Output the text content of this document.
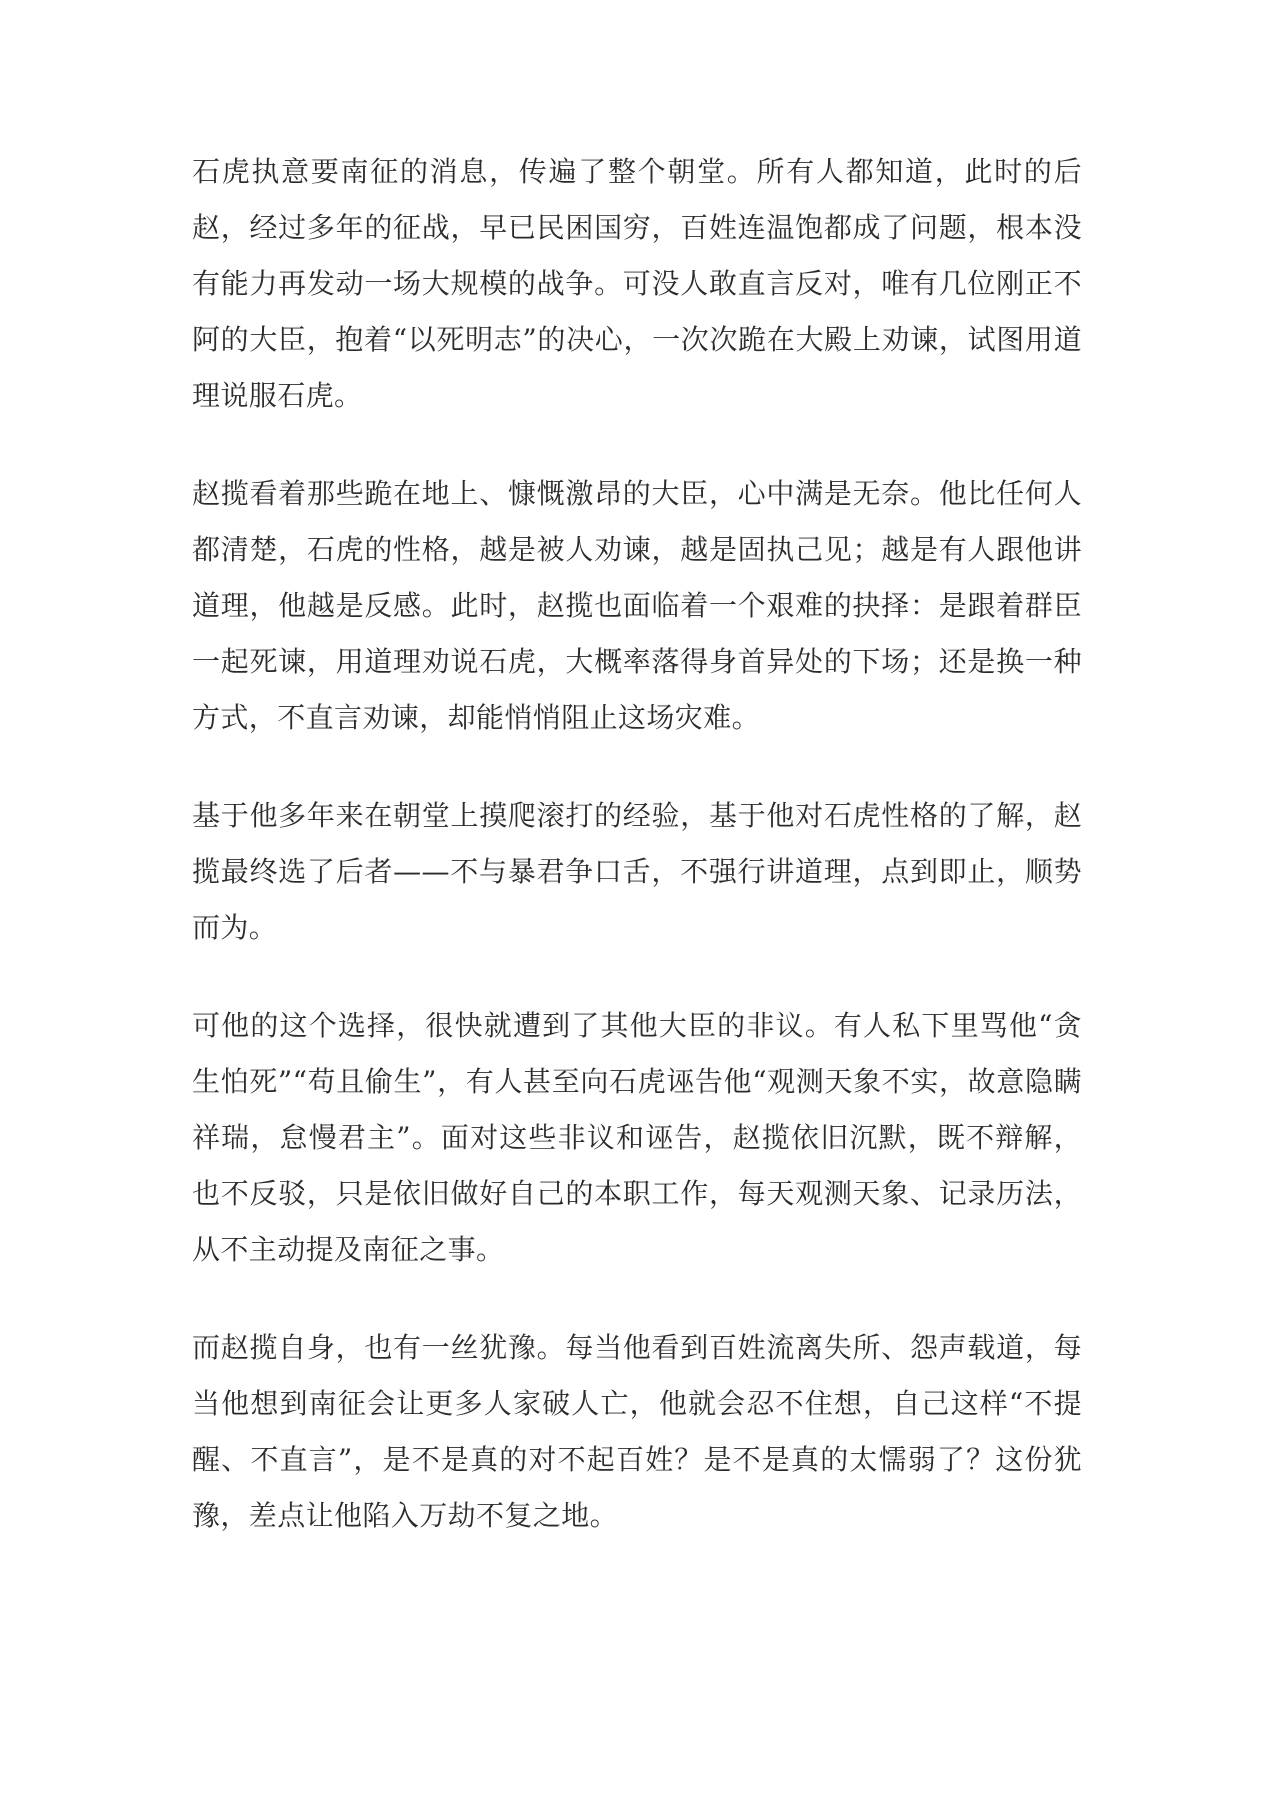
石虎执意要南征的消息，传遍了整个朝堂。所有人都知道，此时的后赵，经过多年的征战，早已民困国穷，百姓连温饱都成了问题，根本没有能力再发动一场大规模的战争。可没人敢直言反对，唯有几位刚正不阿的大臣，抱着“以死明志”的决心，一次次跪在大殿上劝谏，试图用道理说服石虎。

赵揽看着那些跪在地上、慷慨激昂的大臣，心中满是无奈。他比任何人都清楚，石虎的性格，越是被人劝谏，越是固执己见；越是有人跟他讲道理，他越是反感。此时，赵揽也面临着一个艰难的抉择：是跟着群臣一起死谏，用道理劝说石虎，大概率落得身首异处的下场；还是换一种方式，不直言劝谏，却能悄悄阻止这场灾难。

基于他多年来在朝堂上摸爬滚打的经验，基于他对石虎性格的了解，赵揽最终选了后者——不与暴君争口舌，不强行讲道理，点到即止，顺势而为。

可他的这个选择，很快就遭到了其他大臣的非议。有人私下里骂他“贪生怕死”“苟且偷生”，有人甚至向石虎诬告他“观测天象不实，故意隐瞒祥瑞，怠慢君主”。面对这些非议和诬告，赵揽依旧沉默，既不辩解，也不反驳，只是依旧做好自己的本职工作，每天观测天象、记录历法，从不主动提及南征之事。

而赵揽自身，也有一丝犹豫。每当他看到百姓流离失所、怨声载道，每当他想到南征会让更多人家破人亡，他就会忍不住想，自己这样“不提醒、不直言”，是不是真的对不起百姓？是不是真的太懦弱了？这份犹豫，差点让他陷入万劫不复之地。
